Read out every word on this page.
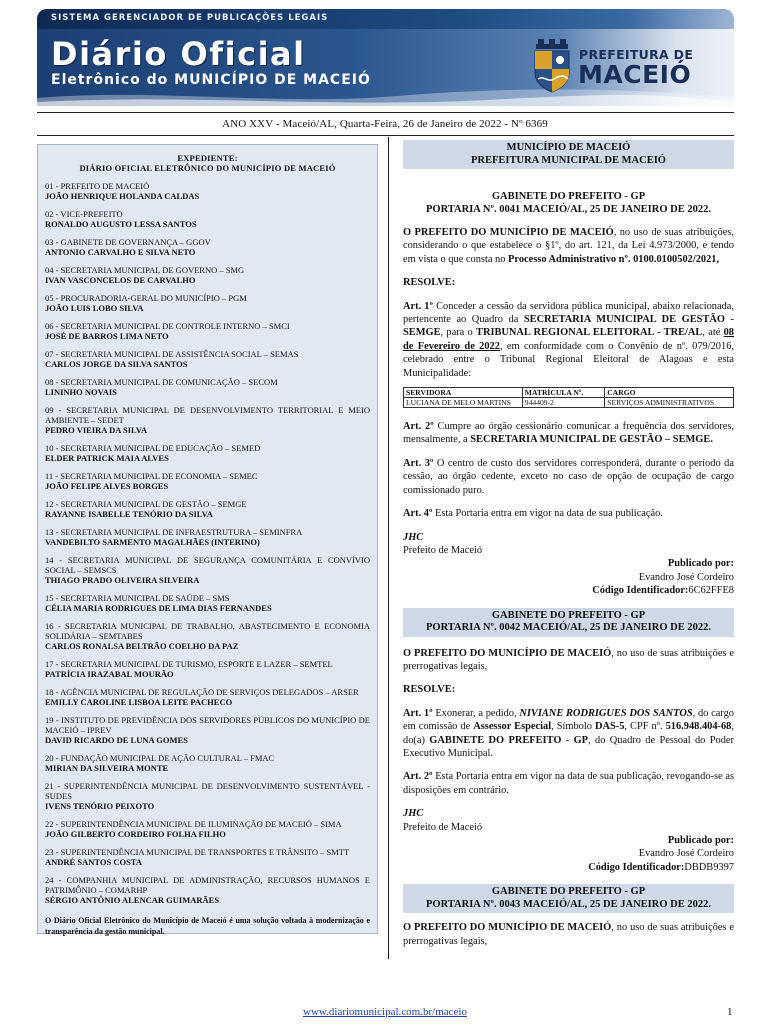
SISTEMA GERENCIADOR DE PUBLICAÇÕES LEGAIS
Diário Oficial
Eletrônico do MUNICÍPIO DE MACEIÓ
PREFEITURA DE
MACEIÓ
ANO XXV - Maceió/AL, Quarta-Feira, 26 de Janeiro de 2022 - Nº 6369
EXPEDIENTE:
DIÁRIO OFICIAL ELETRÔNICO DO MUNICÍPIO DE MACEIÓ
01 - PREFEITO DE MACEIÓ
JOÃO HENRIQUE HOLANDA CALDAS
02 - VICE-PREFEITO
RONALDO AUGUSTO LESSA SANTOS
03 - GABINETE DE GOVERNANÇA – GGOV
ANTONIO CARVALHO E SILVA NETO
04 - SECRETARIA MUNICIPAL DE GOVERNO – SMG
IVAN VASCONCELOS DE CARVALHO
05 - PROCURADORIA-GERAL DO MUNICÍPIO – PGM
JOÃO LUIS LOBO SILVA
06 - SECRETARIA MUNICIPAL DE CONTROLE INTERNO – SMCI
JOSÉ DE BARROS LIMA NETO
07 - SECRETARIA MUNICIPAL DE ASSISTÊNCIA SOCIAL – SEMAS
CARLOS JORGE DA SILVA SANTOS
08 - SECRETARIA MUNICIPAL DE COMUNICAÇÃO – SECOM
LININHO NOVAIS
09 - SECRETARIA MUNICIPAL DE DESENVOLVIMENTO TERRITORIAL E MEIO AMBIENTE – SEDET
PEDRO VIEIRA DA SILVA
10 - SECRETARIA MUNICIPAL DE EDUCAÇÃO – SEMED
ELDER PATRICK MAIA ALVES
11 - SECRETARIA MUNICIPAL DE ECONOMIA – SEMEC
JOÃO FELIPE ALVES BORGES
12 - SECRETARIA MUNICIPAL DE GESTÃO – SEMGE
RAYANNE ISABELLE TENÓRIO DA SILVA
13 - SECRETARIA MUNICIPAL DE INFRAESTRUTURA – SEMINFRA
VANDEBILTO SARMENTO MAGALHÃES (INTERINO)
14 - SECRETARIA MUNICIPAL DE SEGURANÇA COMUNITÁRIA E CONVÍVIO SOCIAL – SEMSCS
THIAGO PRADO OLIVEIRA SILVEIRA
15 - SECRETARIA MUNICIPAL DE SAÚDE – SMS
CÉLIA MARIA RODRIGUES DE LIMA DIAS FERNANDES
16 - SECRETARIA MUNICIPAL DE TRABALHO, ABASTECIMENTO E ECONOMIA SOLIDÁRIA – SEMTABES
CARLOS RONALSA BELTRÃO COELHO DA PAZ
17 - SECRETARIA MUNICIPAL DE TURISMO, ESPORTE E LAZER – SEMTEL
PATRÍCIA IRAZABAL MOURÃO
18 - AGÊNCIA MUNICIPAL DE REGULAÇÃO DE SERVIÇOS DELEGADOS – ARSER
EMILLY CAROLINE LISBOA LEITE PACHECO
19 - INSTITUTO DE PREVIDÊNCIA DOS SERVIDORES PÚBLICOS DO MUNICÍPIO DE MACEIÓ – IPREV
DAVID RICARDO DE LUNA GOMES
20 - FUNDAÇÃO MUNICIPAL DE AÇÃO CULTURAL – FMAC
MIRIAN DA SILVEIRA MONTE
21 - SUPERINTENDÊNCIA MUNICIPAL DE DESENVOLVIMENTO SUSTENTÁVEL - SUDES
IVENS TENÓRIO PEIXOTO
22 - SUPERINTENDÊNCIA MUNICIPAL DE ILUMINAÇÃO DE MACEIÓ – SIMA
JOÃO GILBERTO CORDEIRO FOLHA FILHO
23 - SUPERINTENDÊNCIA MUNICIPAL DE TRANSPORTES E TRÂNSITO – SMTT
ANDRÉ SANTOS COSTA
24 - COMPANHIA MUNICIPAL DE ADMINISTRAÇÃO, RECURSOS HUMANOS E PATRIMÔNIO – COMARHP
SÉRGIO ANTÔNIO ALENCAR GUIMARÃES
O Diário Oficial Eletrônico do Município de Maceió é uma solução voltada à modernização e transparência da gestão municipal.
MUNICÍPIO DE MACEIÓ
PREFEITURA MUNICIPAL DE MACEIÓ
GABINETE DO PREFEITO - GP
PORTARIA Nº. 0041 MACEIÓ/AL, 25 DE JANEIRO DE 2022.
O PREFEITO DO MUNICÍPIO DE MACEIÓ, no uso de suas atribuições, considerando o que estabelece o §1º, do art. 121, da Lei 4.973/2000, e tendo em vista o que consta no Processo Administrativo nº. 0100.0100502/2021,
RESOLVE:
Art. 1º Conceder a cessão da servidora pública municipal, abaixo relacionada, pertencente ao Quadro da SECRETARIA MUNICIPAL DE GESTÃO - SEMGE, para o TRIBUNAL REGIONAL ELEITORAL - TRE/AL, até 08 de Fevereiro de 2022, em conformidade com o Convênio de nº. 079/2016, celebrado entre o Tribunal Regional Eleitoral de Alagoas e esta Municipalidade:
SERVIDORA	MATRÍCULA Nº.	CARGO
LUCIANA DE MELO MARTINS	944409-2	SERVIÇOS ADMINISTRATIVOS
Art. 2º Cumpre ao órgão cessionário comunicar a frequência dos servidores, mensalmente, a SECRETARIA MUNICIPAL DE GESTÃO – SEMGE.
Art. 3º O centro de custo dos servidores corresponderá, durante o período da cessão, ao órgão cedente, exceto no caso de opção de ocupação de cargo comissionado puro.
Art. 4º Esta Portaria entra em vigor na data de sua publicação.
JHC
Prefeito de Maceió
Publicado por:
Evandro José Cordeiro
Código Identificador:6C62FFE8
GABINETE DO PREFEITO - GP
PORTARIA Nº. 0042 MACEIÓ/AL, 25 DE JANEIRO DE 2022.
O PREFEITO DO MUNICÍPIO DE MACEIÓ, no uso de suas atribuições e prerrogativas legais,
RESOLVE:
Art. 1º Exonerar, a pedido, NIVIANE RODRIGUES DOS SANTOS, do cargo em comissão de Assessor Especial, Símbolo DAS-5, CPF nº. 516.948.404-68, do(a) GABINETE DO PREFEITO - GP, do Quadro de Pessoal do Poder Executivo Municipal.
Art. 2º Esta Portaria entra em vigor na data de sua publicação, revogando-se as disposições em contrário.
JHC
Prefeito de Maceió
Publicado por:
Evandro José Cordeiro
Código Identificador:DBDB9397
GABINETE DO PREFEITO - GP
PORTARIA Nº. 0043 MACEIÓ/AL, 25 DE JANEIRO DE 2022.
O PREFEITO DO MUNICÍPIO DE MACEIÓ, no uso de suas atribuições e prerrogativas legais,
www.diariomunicipal.com.br/maceio	1
